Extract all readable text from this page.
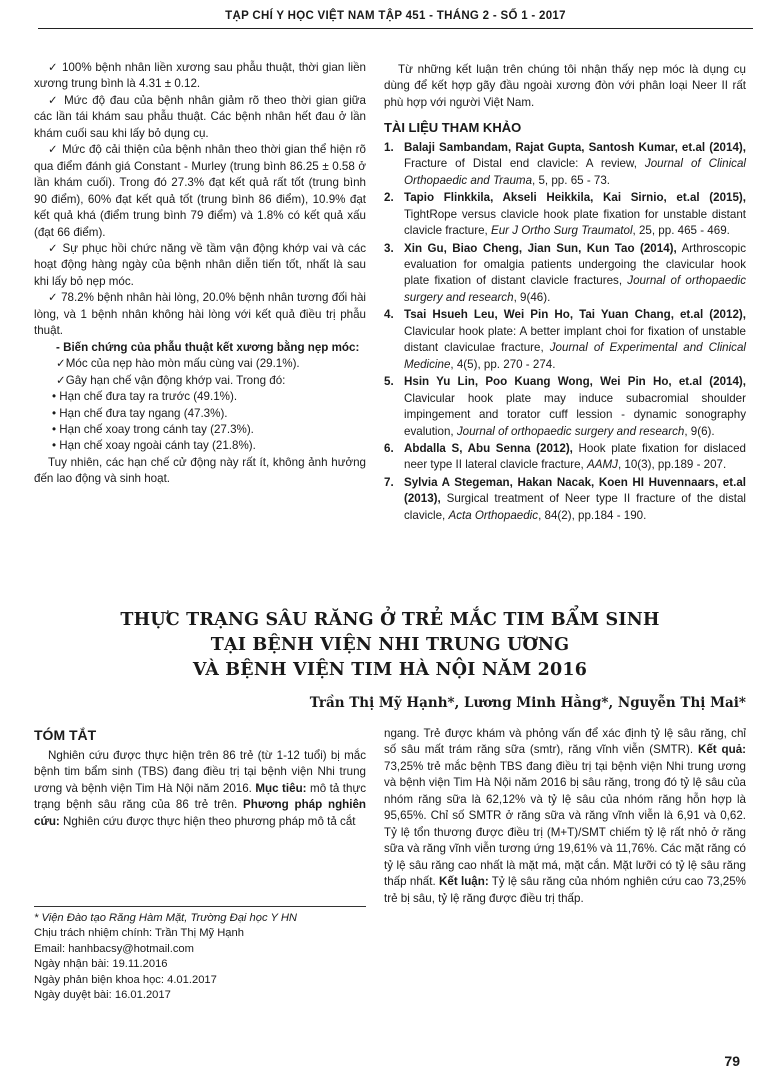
TẠP CHÍ Y HỌC VIỆT NAM TẬP 451 - THÁNG 2 - SỐ 1 - 2017

✓ 100% bệnh nhân liền xương sau phẫu thuật, thời gian liền xương trung bình là 4.31 ± 0.12.

✓ Mức độ đau của bệnh nhân giảm rõ theo thời gian giữa các lần tái khám sau phẫu thuật. Các bệnh nhân hết đau ở lần khám cuối sau khi lấy bỏ dụng cụ.

✓ Mức độ cải thiện của bệnh nhân theo thời gian thể hiện rõ qua điểm đánh giá Constant - Murley (trung bình 86.25 ± 0.58 ở lần khám cuối). Trong đó 27.3% đạt kết quả rất tốt (trung bình 90 điểm), 60% đạt kết quả tốt (trung bình 86 điểm), 10.9% đạt kết quả khá (điểm trung bình 79 điểm) và 1.8% có kết quả xấu (đạt 66 điểm).

✓ Sự phục hồi chức năng về tầm vận động khớp vai và các hoạt động hàng ngày của bệnh nhân diễn tiến tốt, nhất là sau khi lấy bỏ nẹp móc.

✓ 78.2% bệnh nhân hài lòng, 20.0% bệnh nhân tương đối hài lòng, và 1 bệnh nhân không hài lòng với kết quả điều trị phẫu thuật.

- Biến chứng của phẫu thuật kết xương bằng nẹp móc:

✓Móc của nẹp hào mòn mấu cùng vai (29.1%).

✓Gây hạn chế vận động khớp vai. Trong đó:

• Hạn chế đưa tay ra trước (49.1%).

• Hạn chế đưa tay ngang (47.3%).

• Hạn chế xoay trong cánh tay (27.3%).

• Hạn chế xoay ngoài cánh tay (21.8%).

Tuy nhiên, các hạn chế cử động này rất ít, không ảnh hưởng đến lao động và sinh hoạt.

Từ những kết luận trên chúng tôi nhận thấy nẹp móc là dụng cụ dùng để kết hợp gãy đầu ngoài xương đòn với phân loại Neer II rất phù hợp với người Việt Nam.

TÀI LIỆU THAM KHẢO
1. Balaji Sambandam, Rajat Gupta, Santosh Kumar, et.al (2014), Fracture of Distal end clavicle: A review, Journal of Clinical Orthopaedic and Trauma, 5, pp. 65 - 73.
2. Tapio Flinkkila, Akseli Heikkila, Kai Sirnio, et.al (2015), TightRope versus clavicle hook plate fixation for unstable distant clavicle fracture, Eur J Ortho Surg Traumatol, 25, pp. 465 - 469.
3. Xin Gu, Biao Cheng, Jian Sun, Kun Tao (2014), Arthroscopic evaluation for omalgia patients undergoing the clavicular hook plate fixation of distant clavicle fractures, Journal of orthopaedic surgery and research, 9(46).
4. Tsai Hsueh Leu, Wei Pin Ho, Tai Yuan Chang, et.al (2012), Clavicular hook plate: A better implant choi for fixation of unstable distant claviculae fracture, Journal of Experimental and Clinical Medicine, 4(5), pp. 270 - 274.
5. Hsin Yu Lin, Poo Kuang Wong, Wei Pin Ho, et.al (2014), Clavicular hook plate may induce subacromial shoulder impingement and torator cuff lession - dynamic sonography evalution, Journal of orthopaedic surgery and research, 9(6).
6. Abdalla S, Abu Senna (2012), Hook plate fixation for dislaced neer type II lateral clavicle fracture, AAMJ, 10(3), pp.189 - 207.
7. Sylvia A Stegeman, Hakan Nacak, Koen HI Huvennaars, et.al (2013), Surgical treatment of Neer type II fracture of the distal clavicle, Acta Orthopaedic, 84(2), pp.184 - 190.
THỰC TRẠNG SÂU RĂNG Ở TRẺ MẮC TIM BẨM SINH
TẠI BỆNH VIỆN NHI TRUNG ƯƠNG
VÀ BỆNH VIỆN TIM HÀ NỘI NĂM 2016
Trần Thị Mỹ Hạnh*, Lương Minh Hằng*, Nguyễn Thị Mai*
TÓM TẮT

Nghiên cứu được thực hiện trên 86 trẻ (từ 1-12 tuổi) bị mắc bệnh tim bẩm sinh (TBS) đang điều trị tại bệnh viện Nhi trung ương và bệnh viện Tim Hà Nội năm 2016. Mục tiêu: mô tả thực trạng bệnh sâu răng của 86 trẻ trên. Phương pháp nghiên cứu: Nghiên cứu được thực hiện theo phương pháp mô tả cắt

ngang. Trẻ được khám và phỏng vấn để xác định tỷ lệ sâu răng, chỉ số sâu mất trám răng sữa (smtr), răng vĩnh viễn (SMTR). Kết quả: 73,25% trẻ mắc bệnh TBS đang điều trị tại bệnh viện Nhi trung ương và bệnh viện Tim Hà Nội năm 2016 bị sâu răng, trong đó tỷ lệ sâu của nhóm răng sữa là 62,12% và tỷ lệ sâu của nhóm răng hỗn hợp là 95,65%. Chỉ số SMTR ở răng sữa và răng vĩnh viễn là 6,91 và 0,62. Tỷ lệ tổn thương được điều trị (M+T)/SMT chiếm tỷ lệ rất nhỏ ở răng sữa và răng vĩnh viễn tương ứng 19,61% và 11,76%. Các mặt răng có tỷ lệ sâu răng cao nhất là mặt má, mặt cắn. Mặt lưỡi có tỷ lệ sâu răng thấp nhất. Kết luận: Tỷ lệ sâu răng của nhóm nghiên cứu cao 73,25% trẻ bị sâu, tỷ lệ răng được điều trị thấp.

* Viện Đào tạo Răng Hàm Mặt, Trường Đại học Y HN
Chịu trách nhiệm chính: Trần Thị Mỹ Hạnh
Email: hanhbacsy@hotmail.com
Ngày nhận bài: 19.11.2016
Ngày phản biện khoa học: 4.01.2017
Ngày duyệt bài: 16.01.2017
79
